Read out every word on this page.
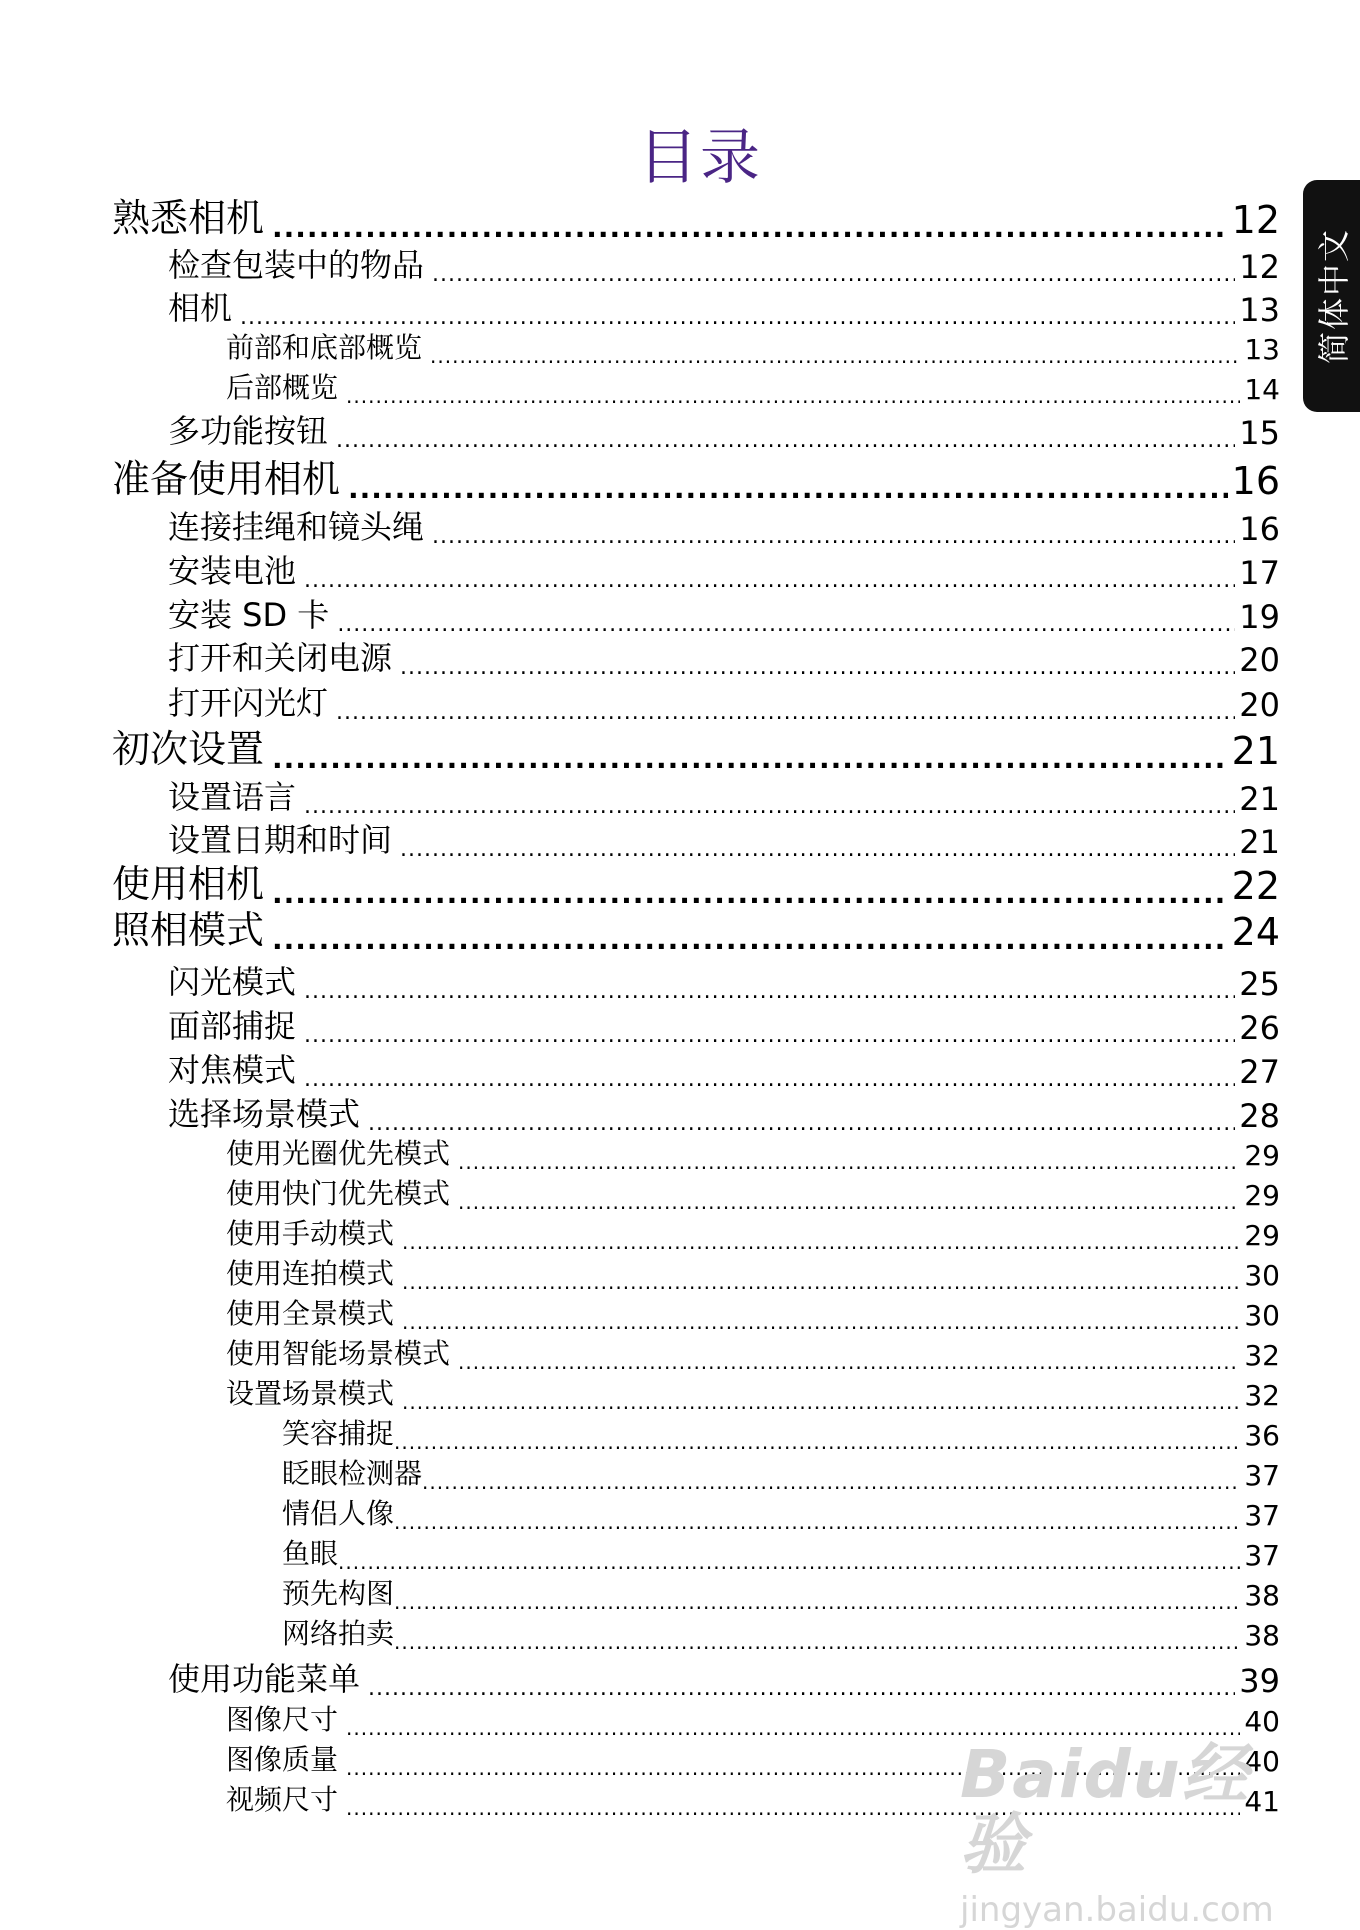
目录
简体中文
熟悉相机 .....	12
检查包装中的物品 .....	12
相机 .....	13
前部和底部概览 .....	13
后部概览 .....	14
多功能按钮 .....	15
准备使用相机 .....	16
连接挂绳和镜头绳 .....	16
安装电池 .....	17
安装 SD 卡 .....	19
打开和关闭电源 .....	20
打开闪光灯 .....	20
初次设置 .....	21
设置语言 .....	21
设置日期和时间 .....	21
使用相机 .....	22
照相模式 .....	24
闪光模式 .....	25
面部捕捉 .....	26
对焦模式 .....	27
选择场景模式 .....	28
使用光圈优先模式 .....	29
使用快门优先模式 .....	29
使用手动模式 .....	29
使用连拍模式 .....	30
使用全景模式 .....	30
使用智能场景模式 .....	32
设置场景模式 .....	32
笑容捕捉 .....	36
眨眼检测器 .....	37
情侣人像 .....	37
鱼眼 .....	37
预先构图 .....	38
网络拍卖 .....	38
使用功能菜单 .....	39
图像尺寸 .....	40
图像质量 .....	40
视频尺寸 .....	41
Baidu经验
jingyan.baidu.com
